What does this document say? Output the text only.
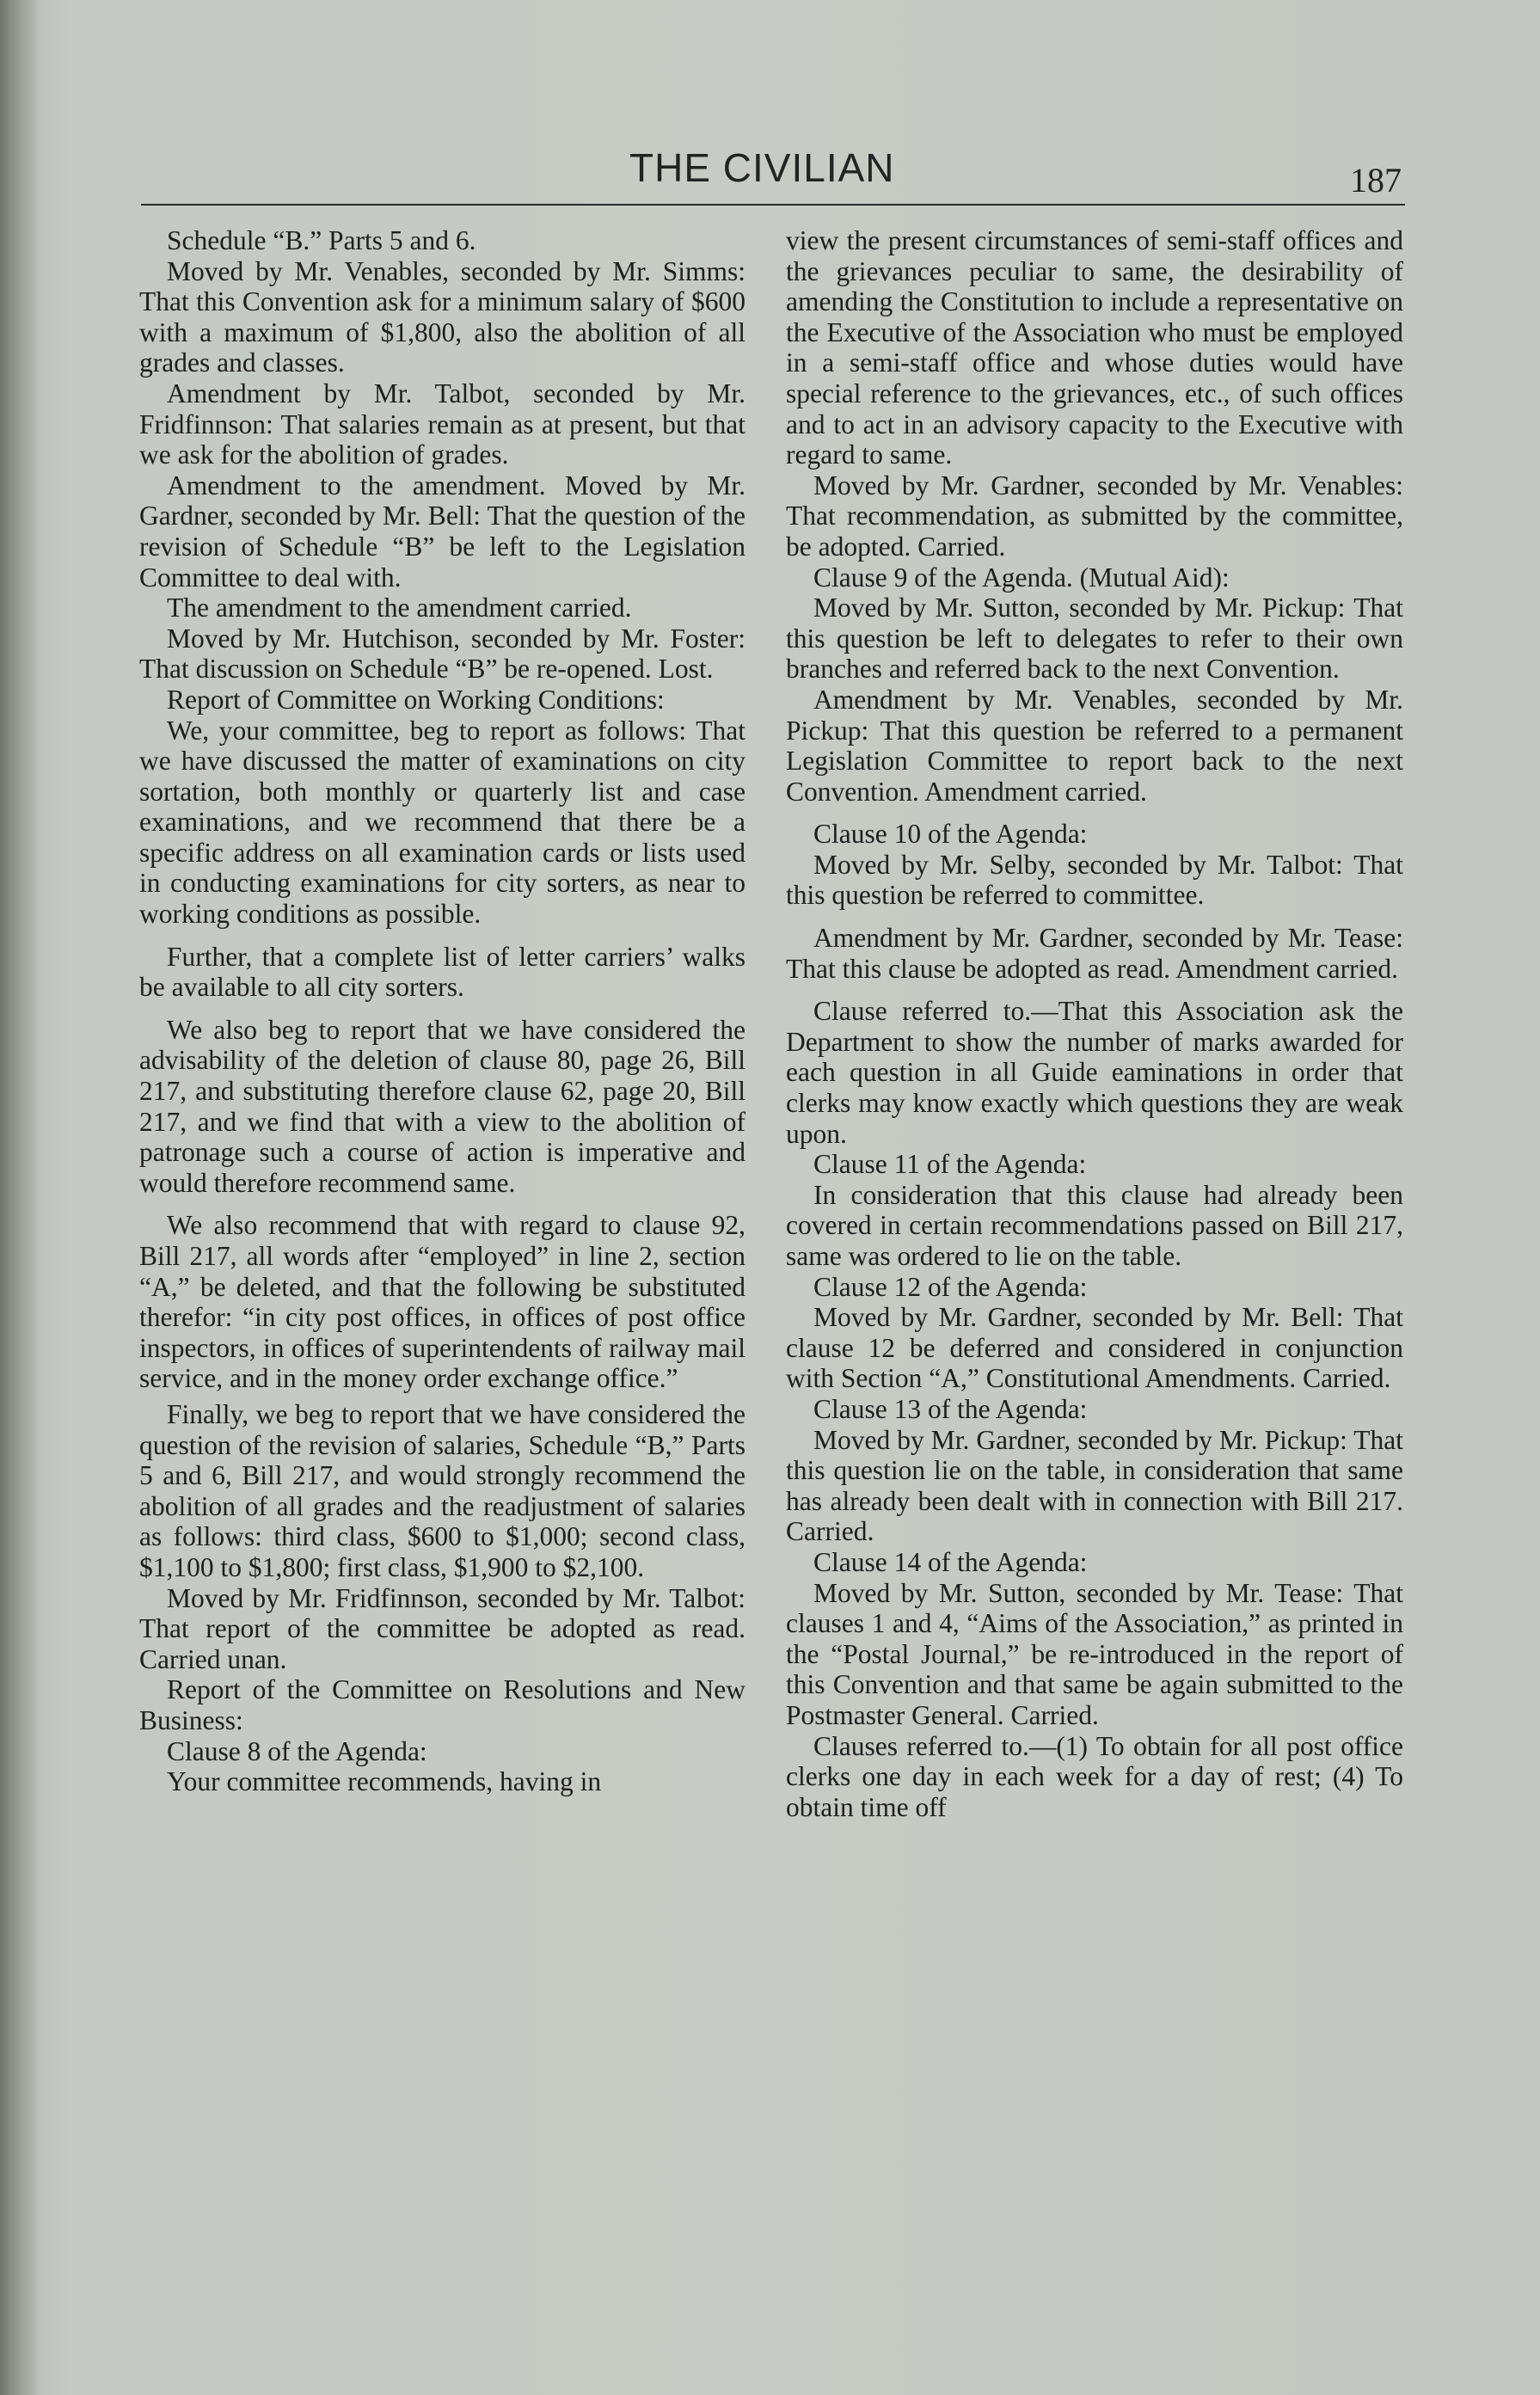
THE CIVILIAN	187

Schedule “B.” Parts 5 and 6.

Moved by Mr. Venables, seconded by Mr. Simms: That this Convention ask for a minimum salary of $600 with a maximum of $1,800, also the abolition of all grades and classes.

Amendment by Mr. Talbot, seconded by Mr. Fridfinnson: That salaries remain as at present, but that we ask for the abolition of grades.

Amendment to the amendment. Moved by Mr. Gardner, seconded by Mr. Bell: That the question of the revision of Schedule “B” be left to the Legislation Committee to deal with.

The amendment to the amendment carried.

Moved by Mr. Hutchison, seconded by Mr. Foster: That discussion on Schedule “B” be re-opened. Lost.

Report of Committee on Working Conditions:

We, your committee, beg to report as follows: That we have discussed the matter of examinations on city sortation, both monthly or quarterly list and case examinations, and we recommend that there be a specific address on all examination cards or lists used in conducting examinations for city sorters, as near to working conditions as possible.

Further, that a complete list of letter carriers’ walks be available to all city sorters.

We also beg to report that we have considered the advisability of the deletion of clause 80, page 26, Bill 217, and substituting therefore clause 62, page 20, Bill 217, and we find that with a view to the abolition of patronage such a course of action is imperative and would therefore recommend same.

We also recommend that with regard to clause 92, Bill 217, all words after “employed” in line 2, section “A,” be deleted, and that the following be substituted therefor: “in city post offices, in offices of post office inspectors, in offices of superintendents of railway mail service, and in the money order exchange office.”

Finally, we beg to report that we have considered the question of the revision of salaries, Schedule “B,” Parts 5 and 6, Bill 217, and would strongly recommend the abolition of all grades and the readjustment of salaries as follows: third class, $600 to $1,000; second class, $1,100 to $1,800; first class, $1,900 to $2,100.

Moved by Mr. Fridfinnson, seconded by Mr. Talbot: That report of the committee be adopted as read. Carried unan.

Report of the Committee on Resolutions and New Business:

Clause 8 of the Agenda:

Your committee recommends, having in

view the present circumstances of semi-staff offices and the grievances peculiar to same, the desirability of amending the Constitution to include a representative on the Executive of the Association who must be employed in a semi-staff office and whose duties would have special reference to the grievances, etc., of such offices and to act in an advisory capacity to the Executive with regard to same.

Moved by Mr. Gardner, seconded by Mr. Venables: That recommendation, as submitted by the committee, be adopted. Carried.

Clause 9 of the Agenda. (Mutual Aid):

Moved by Mr. Sutton, seconded by Mr. Pickup: That this question be left to delegates to refer to their own branches and referred back to the next Convention.

Amendment by Mr. Venables, seconded by Mr. Pickup: That this question be referred to a permanent Legislation Committee to report back to the next Convention. Amendment carried.

Clause 10 of the Agenda:

Moved by Mr. Selby, seconded by Mr. Talbot: That this question be referred to committee.

Amendment by Mr. Gardner, seconded by Mr. Tease: That this clause be adopted as read. Amendment carried.

Clause referred to.—That this Association ask the Department to show the number of marks awarded for each question in all Guide eaminations in order that clerks may know exactly which questions they are weak upon.

Clause 11 of the Agenda:

In consideration that this clause had already been covered in certain recommendations passed on Bill 217, same was ordered to lie on the table.

Clause 12 of the Agenda:

Moved by Mr. Gardner, seconded by Mr. Bell: That clause 12 be deferred and considered in conjunction with Section “A,” Constitutional Amendments. Carried.

Clause 13 of the Agenda:

Moved by Mr. Gardner, seconded by Mr. Pickup: That this question lie on the table, in consideration that same has already been dealt with in connection with Bill 217. Carried.

Clause 14 of the Agenda:

Moved by Mr. Sutton, seconded by Mr. Tease: That clauses 1 and 4, “Aims of the Association,” as printed in the “Postal Journal,” be re-introduced in the report of this Convention and that same be again submitted to the Postmaster General. Carried.

Clauses referred to.—(1) To obtain for all post office clerks one day in each week for a day of rest; (4) To obtain time off
